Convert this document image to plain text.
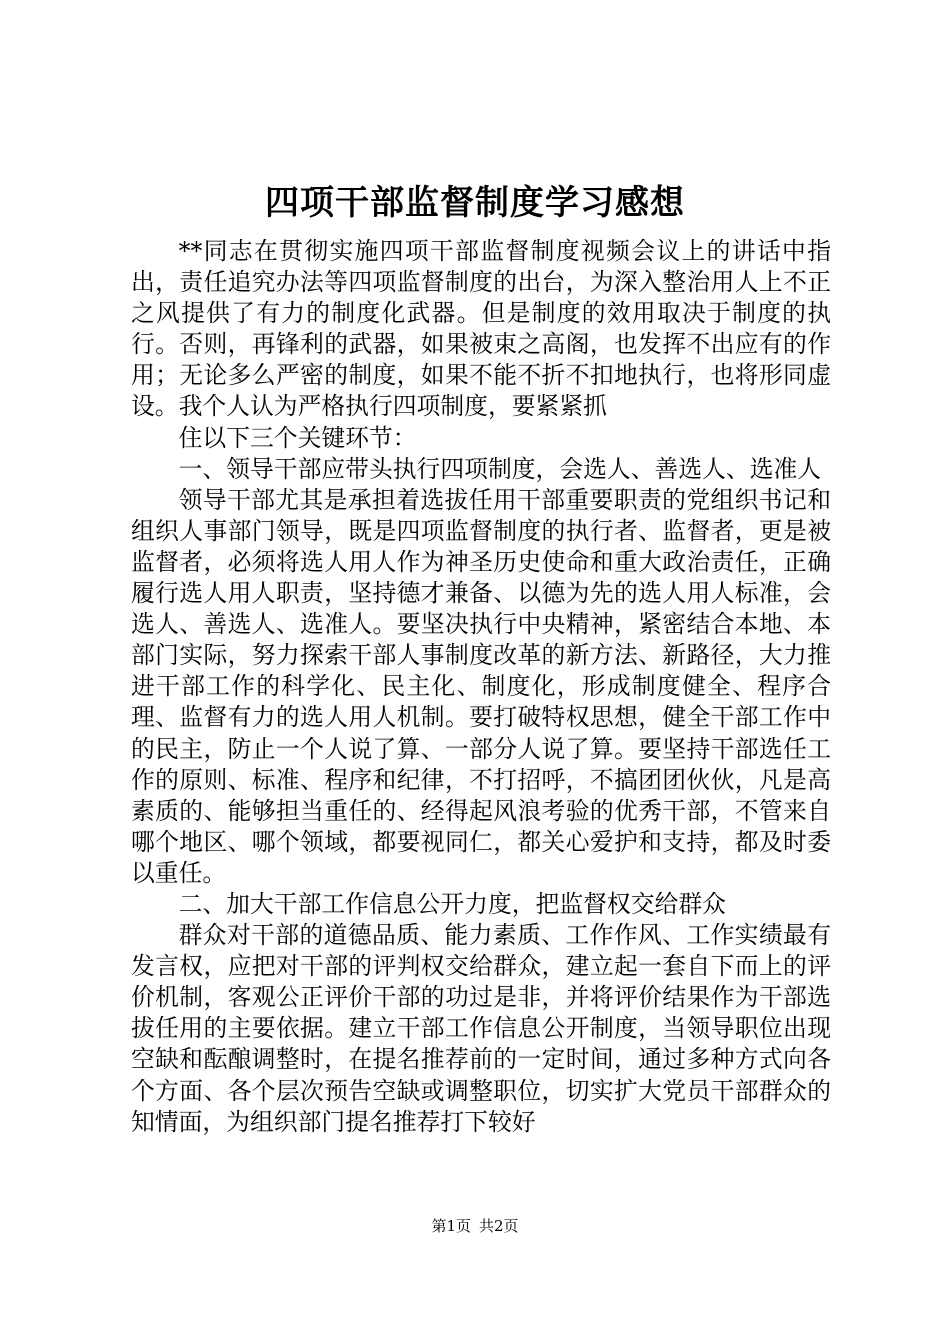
四项干部监督制度学习感想

**同志在贯彻实施四项干部监督制度视频会议上的讲话中指出，责任追究办法等四项监督制度的出台，为深入整治用人上不正之风提供了有力的制度化武器。但是制度的效用取决于制度的执行。否则，再锋利的武器，如果被束之高阁，也发挥不出应有的作用；无论多么严密的制度，如果不能不折不扣地执行，也将形同虚设。我个人认为严格执行四项制度，要紧紧抓

住以下三个关键环节：

一、领导干部应带头执行四项制度，会选人、善选人、选准人

领导干部尤其是承担着选拔任用干部重要职责的党组织书记和组织人事部门领导，既是四项监督制度的执行者、监督者，更是被监督者，必须将选人用人作为神圣历史使命和重大政治责任，正确履行选人用人职责，坚持德才兼备、以德为先的选人用人标准，会选人、善选人、选准人。要坚决执行中央精神，紧密结合本地、本部门实际，努力探索干部人事制度改革的新方法、新路径，大力推进干部工作的科学化、民主化、制度化，形成制度健全、程序合理、监督有力的选人用人机制。要打破特权思想，健全干部工作中的民主，防止一个人说了算、一部分人说了算。要坚持干部选任工作的原则、标准、程序和纪律，不打招呼，不搞团团伙伙，凡是高素质的、能够担当重任的、经得起风浪考验的优秀干部，不管来自哪个地区、哪个领域，都要视同仁，都关心爱护和支持，都及时委以重任。

二、加大干部工作信息公开力度，把监督权交给群众

群众对干部的道德品质、能力素质、工作作风、工作实绩最有发言权，应把对干部的评判权交给群众，建立起一套自下而上的评价机制，客观公正评价干部的功过是非，并将评价结果作为干部选拔任用的主要依据。建立干部工作信息公开制度，当领导职位出现空缺和酝酿调整时，在提名推荐前的一定时间，通过多种方式向各个方面、各个层次预告空缺或调整职位，切实扩大党员干部群众的知情面，为组织部门提名推荐打下较好

第1页 共2页
